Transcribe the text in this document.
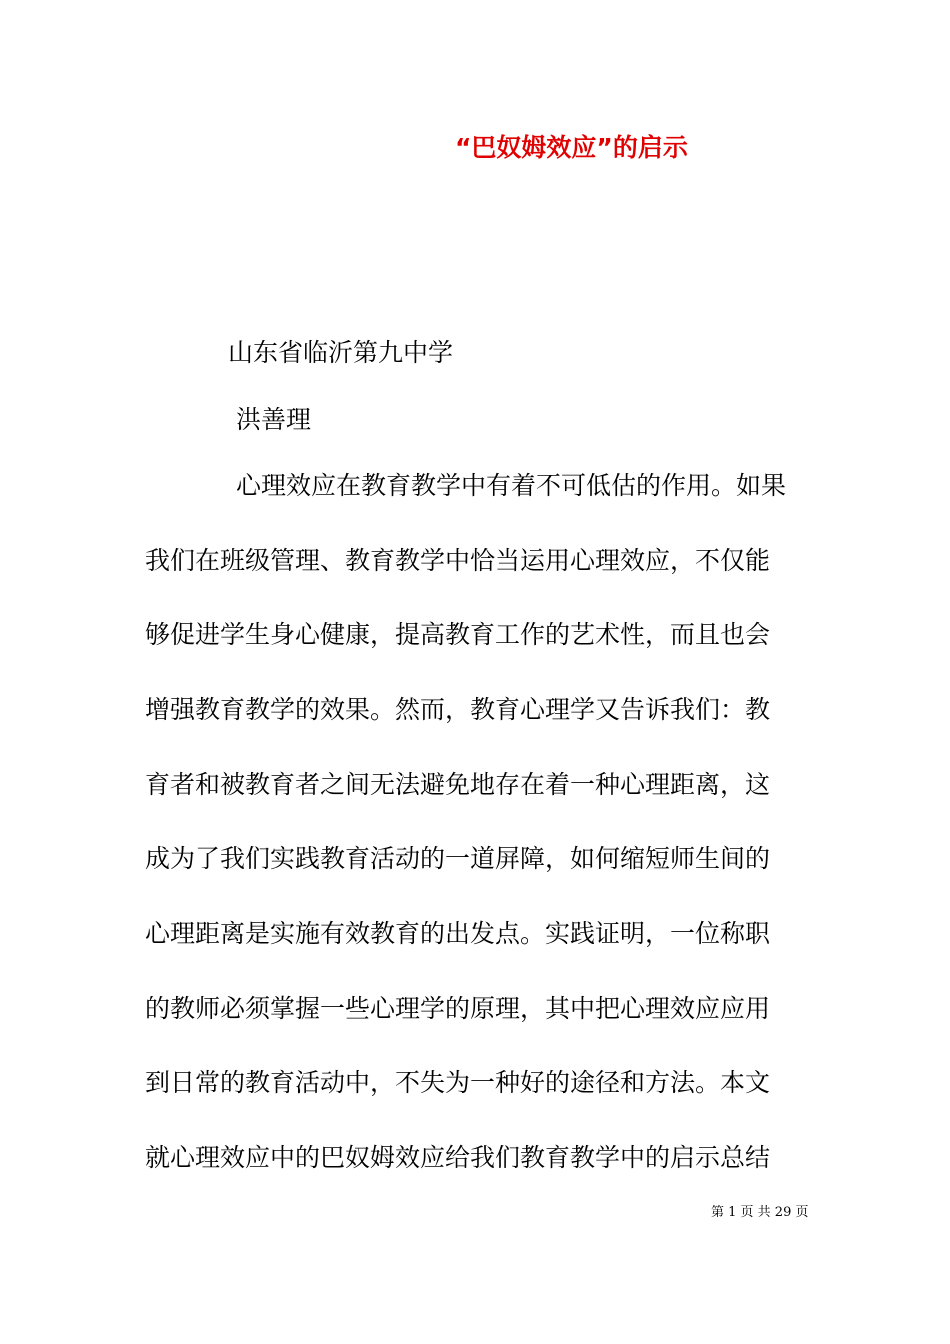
“巴奴姆效应”的启示
山东省临沂第九中学
洪善理
心理效应在教育教学中有着不可低估的作用。如果
我们在班级管理、教育教学中恰当运用心理效应，不仅能
够促进学生身心健康，提高教育工作的艺术性，而且也会
增强教育教学的效果。然而，教育心理学又告诉我们：教
育者和被教育者之间无法避免地存在着一种心理距离，这
成为了我们实践教育活动的一道屏障，如何缩短师生间的
心理距离是实施有效教育的出发点。实践证明，一位称职
的教师必须掌握一些心理学的原理，其中把心理效应应用
到日常的教育活动中，不失为一种好的途径和方法。本文
就心理效应中的巴奴姆效应给我们教育教学中的启示总结
第 1 页 共 29 页
